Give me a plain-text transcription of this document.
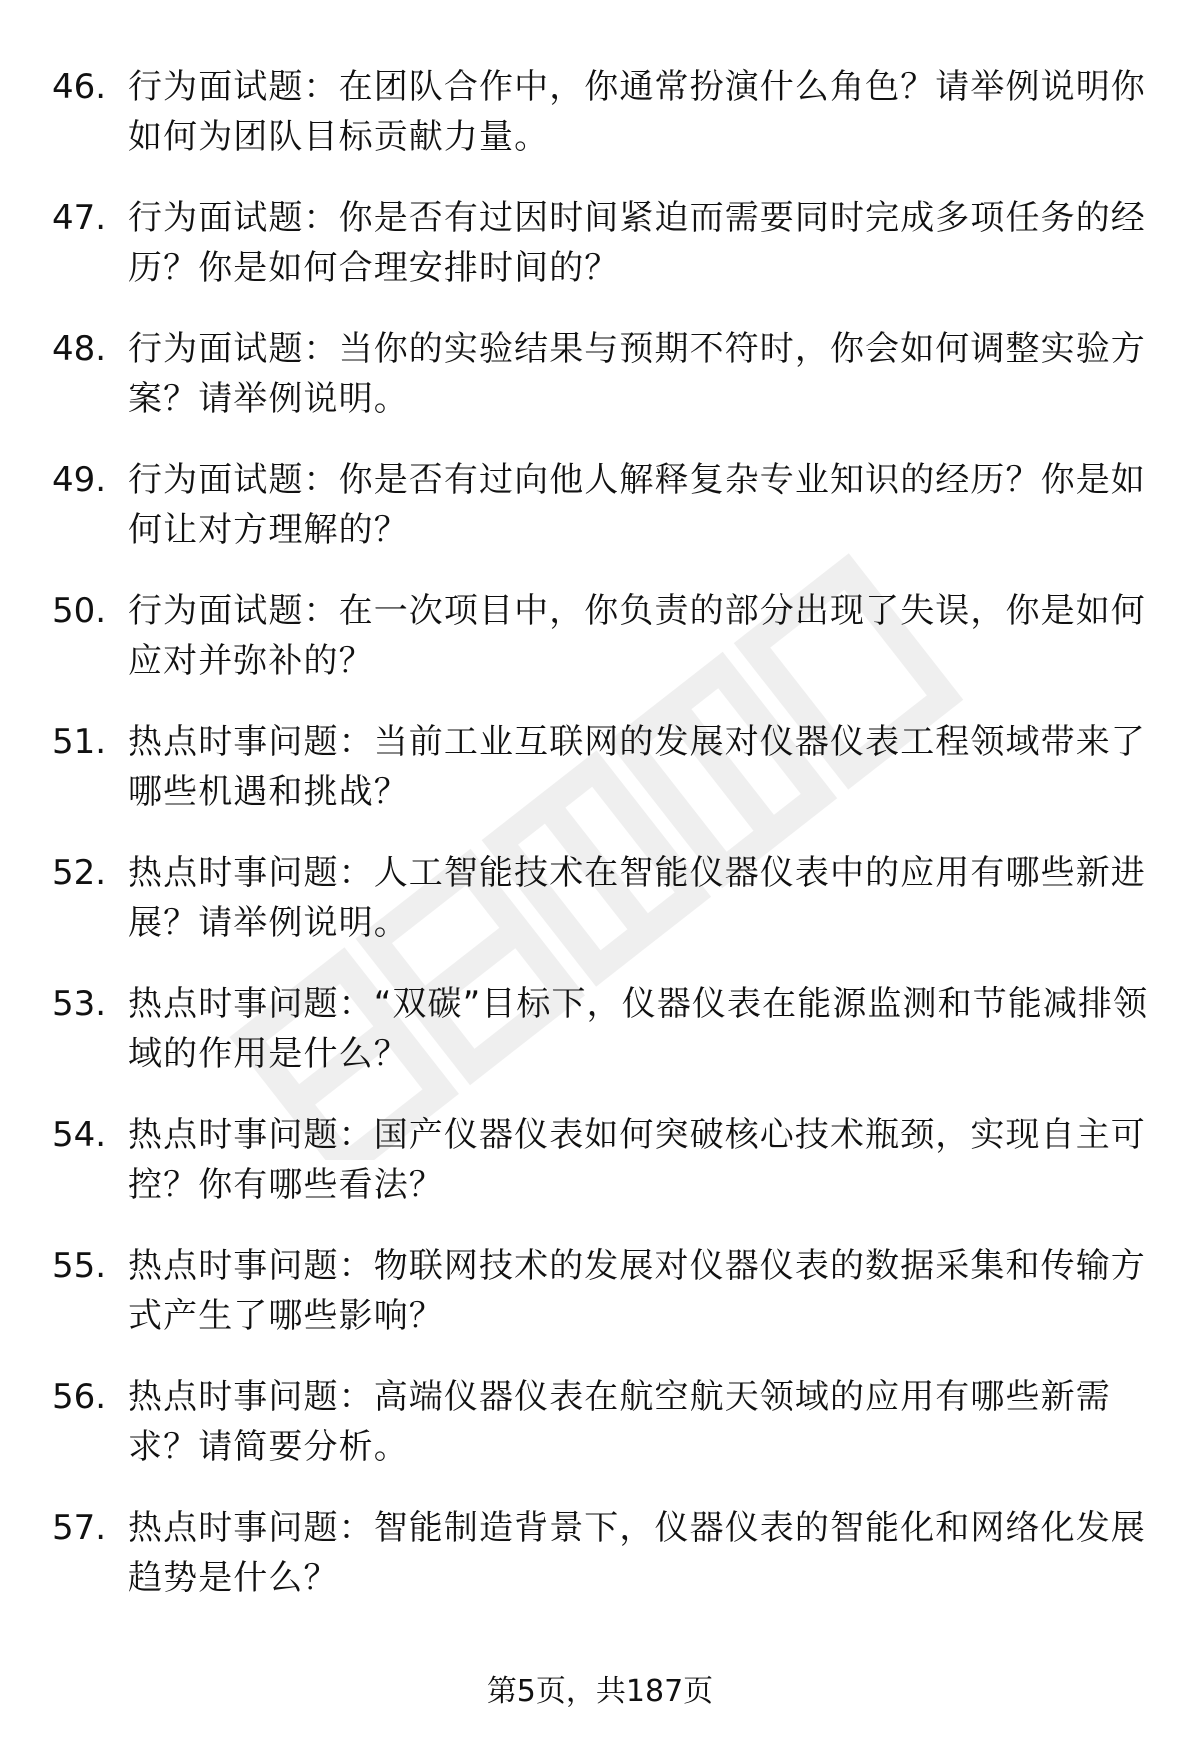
46. 行为面试题：在团队合作中，你通常扮演什么角色？请举例说明你如何为团队目标贡献力量。
47. 行为面试题：你是否有过因时间紧迫而需要同时完成多项任务的经历？你是如何合理安排时间的？
48. 行为面试题：当你的实验结果与预期不符时，你会如何调整实验方案？请举例说明。
49. 行为面试题：你是否有过向他人解释复杂专业知识的经历？你是如何让对方理解的？
50. 行为面试题：在一次项目中，你负责的部分出现了失误，你是如何应对并弥补的？
51. 热点时事问题：当前工业互联网的发展对仪器仪表工程领域带来了哪些机遇和挑战？
52. 热点时事问题：人工智能技术在智能仪器仪表中的应用有哪些新进展？请举例说明。
53. 热点时事问题：“双碳”目标下，仪器仪表在能源监测和节能减排领域的作用是什么？
54. 热点时事问题：国产仪器仪表如何突破核心技术瓶颈，实现自主可控？你有哪些看法？
55. 热点时事问题：物联网技术的发展对仪器仪表的数据采集和传输方式产生了哪些影响？
56. 热点时事问题：高端仪器仪表在航空航天领域的应用有哪些新需求？请简要分析。
57. 热点时事问题：智能制造背景下，仪器仪表的智能化和网络化发展趋势是什么？
第5页，共187页
